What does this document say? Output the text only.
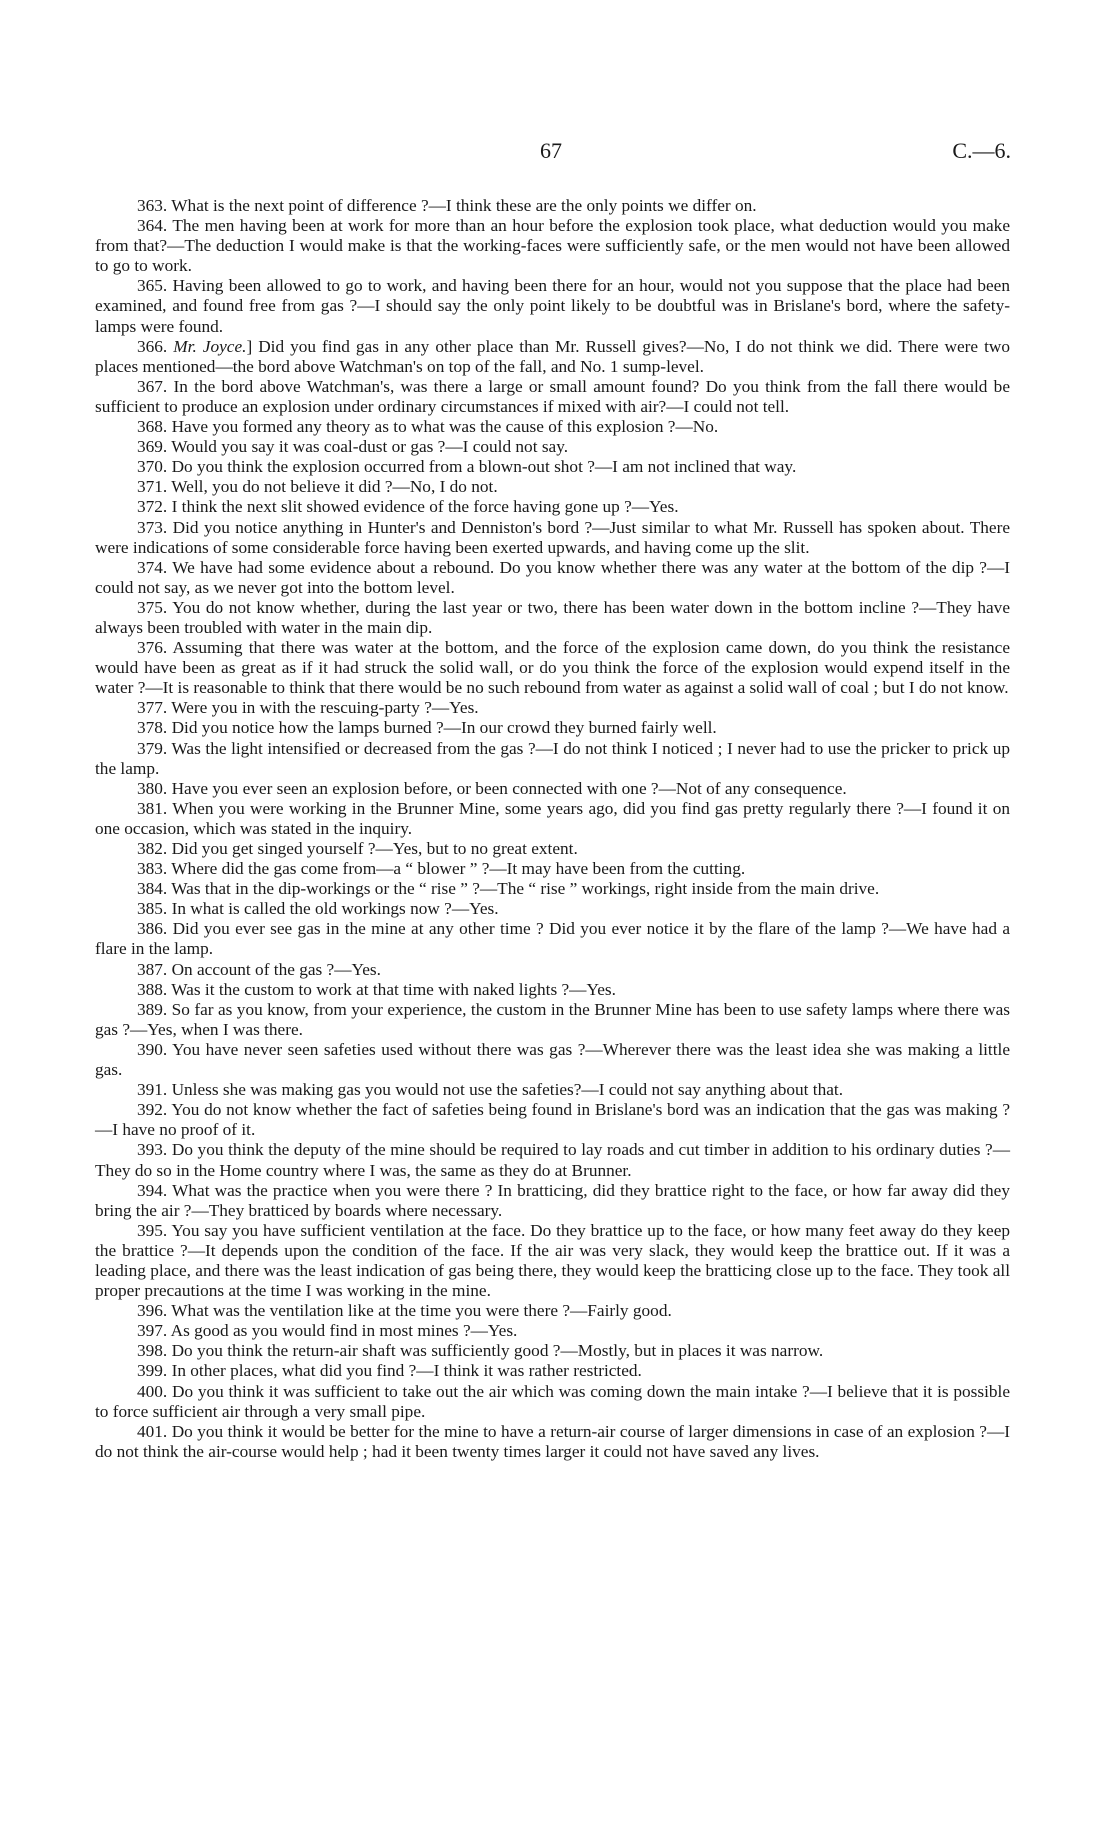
67	C.—6.

363. What is the next point of difference ?—I think these are the only points we differ on.

364. The men having been at work for more than an hour before the explosion took place, what deduction would you make from that?—The deduction I would make is that the working-faces were sufficiently safe, or the men would not have been allowed to go to work.

365. Having been allowed to go to work, and having been there for an hour, would not you suppose that the place had been examined, and found free from gas ?—I should say the only point likely to be doubtful was in Brislane's bord, where the safety-lamps were found.

366. Mr. Joyce.] Did you find gas in any other place than Mr. Russell gives?—No, I do not think we did. There were two places mentioned—the bord above Watchman's on top of the fall, and No. 1 sump-level.

367. In the bord above Watchman's, was there a large or small amount found? Do you think from the fall there would be sufficient to produce an explosion under ordinary circumstances if mixed with air?—I could not tell.

368. Have you formed any theory as to what was the cause of this explosion ?—No.

369. Would you say it was coal-dust or gas ?—I could not say.

370. Do you think the explosion occurred from a blown-out shot ?—I am not inclined that way.

371. Well, you do not believe it did ?—No, I do not.

372. I think the next slit showed evidence of the force having gone up ?—Yes.

373. Did you notice anything in Hunter's and Denniston's bord ?—Just similar to what Mr. Russell has spoken about. There were indications of some considerable force having been exerted upwards, and having come up the slit.

374. We have had some evidence about a rebound. Do you know whether there was any water at the bottom of the dip ?—I could not say, as we never got into the bottom level.

375. You do not know whether, during the last year or two, there has been water down in the bottom incline ?—They have always been troubled with water in the main dip.

376. Assuming that there was water at the bottom, and the force of the explosion came down, do you think the resistance would have been as great as if it had struck the solid wall, or do you think the force of the explosion would expend itself in the water ?—It is reasonable to think that there would be no such rebound from water as against a solid wall of coal ; but I do not know.

377. Were you in with the rescuing-party ?—Yes.

378. Did you notice how the lamps burned ?—In our crowd they burned fairly well.

379. Was the light intensified or decreased from the gas ?—I do not think I noticed ; I never had to use the pricker to prick up the lamp.

380. Have you ever seen an explosion before, or been connected with one ?—Not of any consequence.

381. When you were working in the Brunner Mine, some years ago, did you find gas pretty regularly there ?—I found it on one occasion, which was stated in the inquiry.

382. Did you get singed yourself ?—Yes, but to no great extent.

383. Where did the gas come from—a “ blower ” ?—It may have been from the cutting.

384. Was that in the dip-workings or the “ rise ” ?—The “ rise ” workings, right inside from the main drive.

385. In what is called the old workings now ?—Yes.

386. Did you ever see gas in the mine at any other time ? Did you ever notice it by the flare of the lamp ?—We have had a flare in the lamp.

387. On account of the gas ?—Yes.

388. Was it the custom to work at that time with naked lights ?—Yes.

389. So far as you know, from your experience, the custom in the Brunner Mine has been to use safety lamps where there was gas ?—Yes, when I was there.

390. You have never seen safeties used without there was gas ?—Wherever there was the least idea she was making a little gas.

391. Unless she was making gas you would not use the safeties?—I could not say anything about that.

392. You do not know whether the fact of safeties being found in Brislane's bord was an indication that the gas was making ?—I have no proof of it.

393. Do you think the deputy of the mine should be required to lay roads and cut timber in addition to his ordinary duties ?—They do so in the Home country where I was, the same as they do at Brunner.

394. What was the practice when you were there ? In bratticing, did they brattice right to the face, or how far away did they bring the air ?—They bratticed by boards where necessary.

395. You say you have sufficient ventilation at the face. Do they brattice up to the face, or how many feet away do they keep the brattice ?—It depends upon the condition of the face. If the air was very slack, they would keep the brattice out. If it was a leading place, and there was the least indication of gas being there, they would keep the bratticing close up to the face. They took all proper precautions at the time I was working in the mine.

396. What was the ventilation like at the time you were there ?—Fairly good.

397. As good as you would find in most mines ?—Yes.

398. Do you think the return-air shaft was sufficiently good ?—Mostly, but in places it was narrow.

399. In other places, what did you find ?—I think it was rather restricted.

400. Do you think it was sufficient to take out the air which was coming down the main intake ?—I believe that it is possible to force sufficient air through a very small pipe.

401. Do you think it would be better for the mine to have a return-air course of larger dimensions in case of an explosion ?—I do not think the air-course would help ; had it been twenty times larger it could not have saved any lives.
